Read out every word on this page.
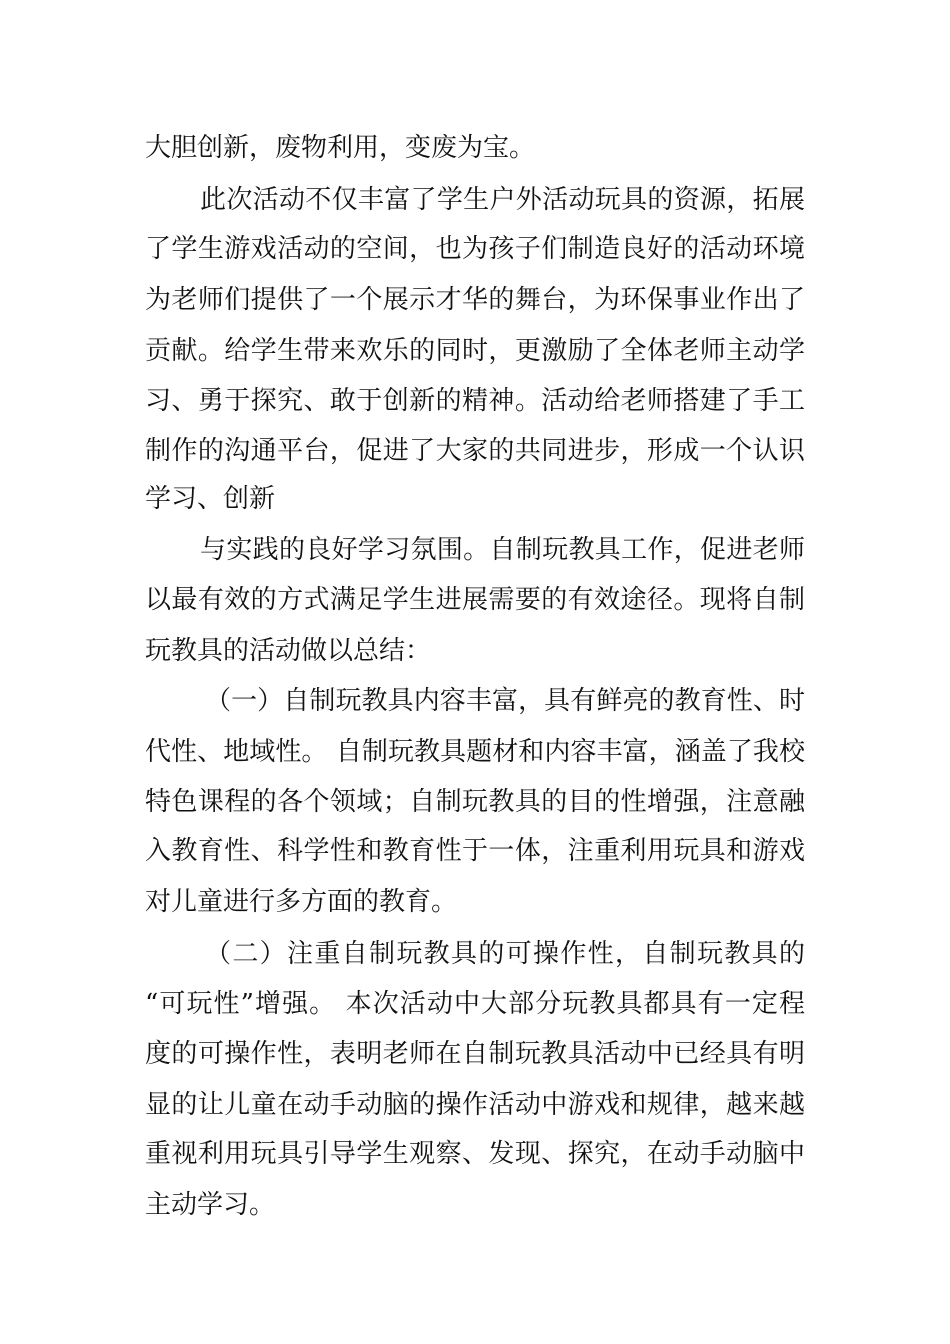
大胆创新，废物利用，变废为宝。

此次活动不仅丰富了学生户外活动玩具的资源，拓展

了学生游戏活动的空间，也为孩子们制造良好的活动环境

为老师们提供了一个展示才华的舞台，为环保事业作出了

贡献。给学生带来欢乐的同时，更激励了全体老师主动学

习、勇于探究、敢于创新的精神。活动给老师搭建了手工

制作的沟通平台，促进了大家的共同进步，形成一个认识

学习、创新

与实践的良好学习氛围。自制玩教具工作，促进老师

以最有效的方式满足学生进展需要的有效途径。现将自制

玩教具的活动做以总结：

（一）自制玩教具内容丰富，具有鲜亮的教育性、时

代性、地域性。 自制玩教具题材和内容丰富，涵盖了我校

特色课程的各个领域；自制玩教具的目的性增强，注意融

入教育性、科学性和教育性于一体，注重利用玩具和游戏

对儿童进行多方面的教育。

（二）注重自制玩教具的可操作性，自制玩教具的

“可玩性”增强。 本次活动中大部分玩教具都具有一定程

度的可操作性，表明老师在自制玩教具活动中已经具有明

显的让儿童在动手动脑的操作活动中游戏和规律，越来越

重视利用玩具引导学生观察、发现、探究，在动手动脑中

主动学习。
